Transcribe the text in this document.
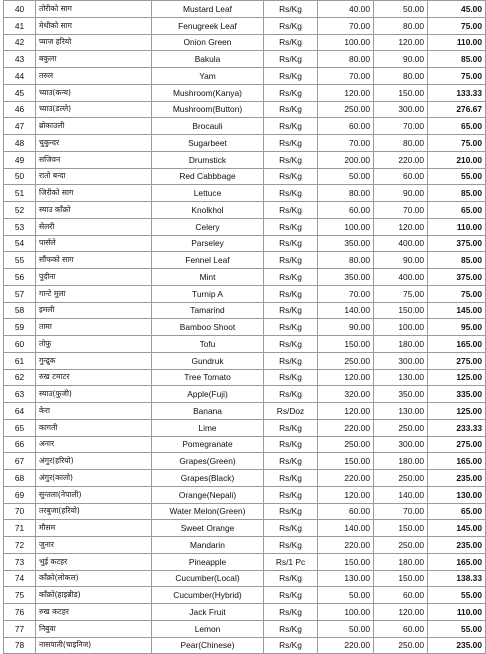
40	तोरीको साग	Mustard Leaf	Rs/Kg	40.00	50.00	45.00
41	मेथीको साग	Fenugreek Leaf	Rs/Kg	70.00	80.00	75.00
42	प्याज हरियो	Onion Green	Rs/Kg	100.00	120.00	110.00
43	बकुला	Bakula	Rs/Kg	80.00	90.00	85.00
44	तरुल	Yam	Rs/Kg	70.00	80.00	75.00
45	च्याउ(कन्य)	Mushroom(Kanya)	Rs/Kg	120.00	150.00	133.33
46	च्याउ(डल्ले)	Mushroom(Button)	Rs/Kg	250.00	300.00	276.67
47	ब्रोकाउली	Brocauli	Rs/Kg	60.00	70.00	65.00
48	चुकुन्दर	Sugarbeet	Rs/Kg	70.00	80.00	75.00
49	सजिवन	Drumstick	Rs/Kg	200.00	220.00	210.00
50	रातो बन्दा	Red Cabbbage	Rs/Kg	50.00	60.00	55.00
51	जिरीको साग	Lettuce	Rs/Kg	80.00	90.00	85.00
52	स्याउ काँक्रो	Knolkhol	Rs/Kg	60.00	70.00	65.00
53	सेलरी	Celery	Rs/Kg	100.00	120.00	110.00
54	पार्सले	Parseley	Rs/Kg	350.00	400.00	375.00
55	सौंफको साग	Fennel Leaf	Rs/Kg	80.00	90.00	85.00
56	पुदीना	Mint	Rs/Kg	350.00	400.00	375.00
57	गान्टे मुला	Turnip A	Rs/Kg	70.00	75.00	75.00
58	इमली	Tamarind	Rs/Kg	140.00	150.00	145.00
59	तामा	Bamboo Shoot	Rs/Kg	90.00	100.00	95.00
60	तोफु	Tofu	Rs/Kg	150.00	180.00	165.00
61	गुन्द्रुक	Gundruk	Rs/Kg	250.00	300.00	275.00
62	रुख टमाटर	Tree Tomato	Rs/Kg	120.00	130.00	125.00
63	स्याउ(फुजी)	Apple(Fuji)	Rs/Kg	320.00	350.00	335.00
64	केरा	Banana	Rs/Doz	120.00	130.00	125.00
65	कागती	Lime	Rs/Kg	220.00	250.00	233.33
66	अनार	Pomegranate	Rs/Kg	250.00	300.00	275.00
67	अंगुर(हरियो)	Grapes(Green)	Rs/Kg	150.00	180.00	165.00
68	अंगुर(कालो)	Grapes(Black)	Rs/Kg	220.00	250.00	235.00
69	सुन्तला(नेपाली)	Orange(Nepali)	Rs/Kg	120.00	140.00	130.00
70	तरबुजा(हरियो)	Water Melon(Green)	Rs/Kg	60.00	70.00	65.00
71	मौसम	Sweet Orange	Rs/Kg	140.00	150.00	145.00
72	जुनार	Mandarin	Rs/Kg	220.00	250.00	235.00
73	भुई कटहर	Pineapple	Rs/1 Pc	150.00	180.00	165.00
74	काँक्रो(लोकल)	Cucumber(Local)	Rs/Kg	130.00	150.00	138.33
75	काँक्रो(हाइब्रीड)	Cucumber(Hybrid)	Rs/Kg	50.00	60.00	55.00
76	रुख कटहर	Jack Fruit	Rs/Kg	100.00	120.00	110.00
77	निबुवा	Lemon	Rs/Kg	50.00	60.00	55.00
78	नासपाती(चाइनिज)	Pear(Chinese)	Rs/Kg	220.00	250.00	235.00
